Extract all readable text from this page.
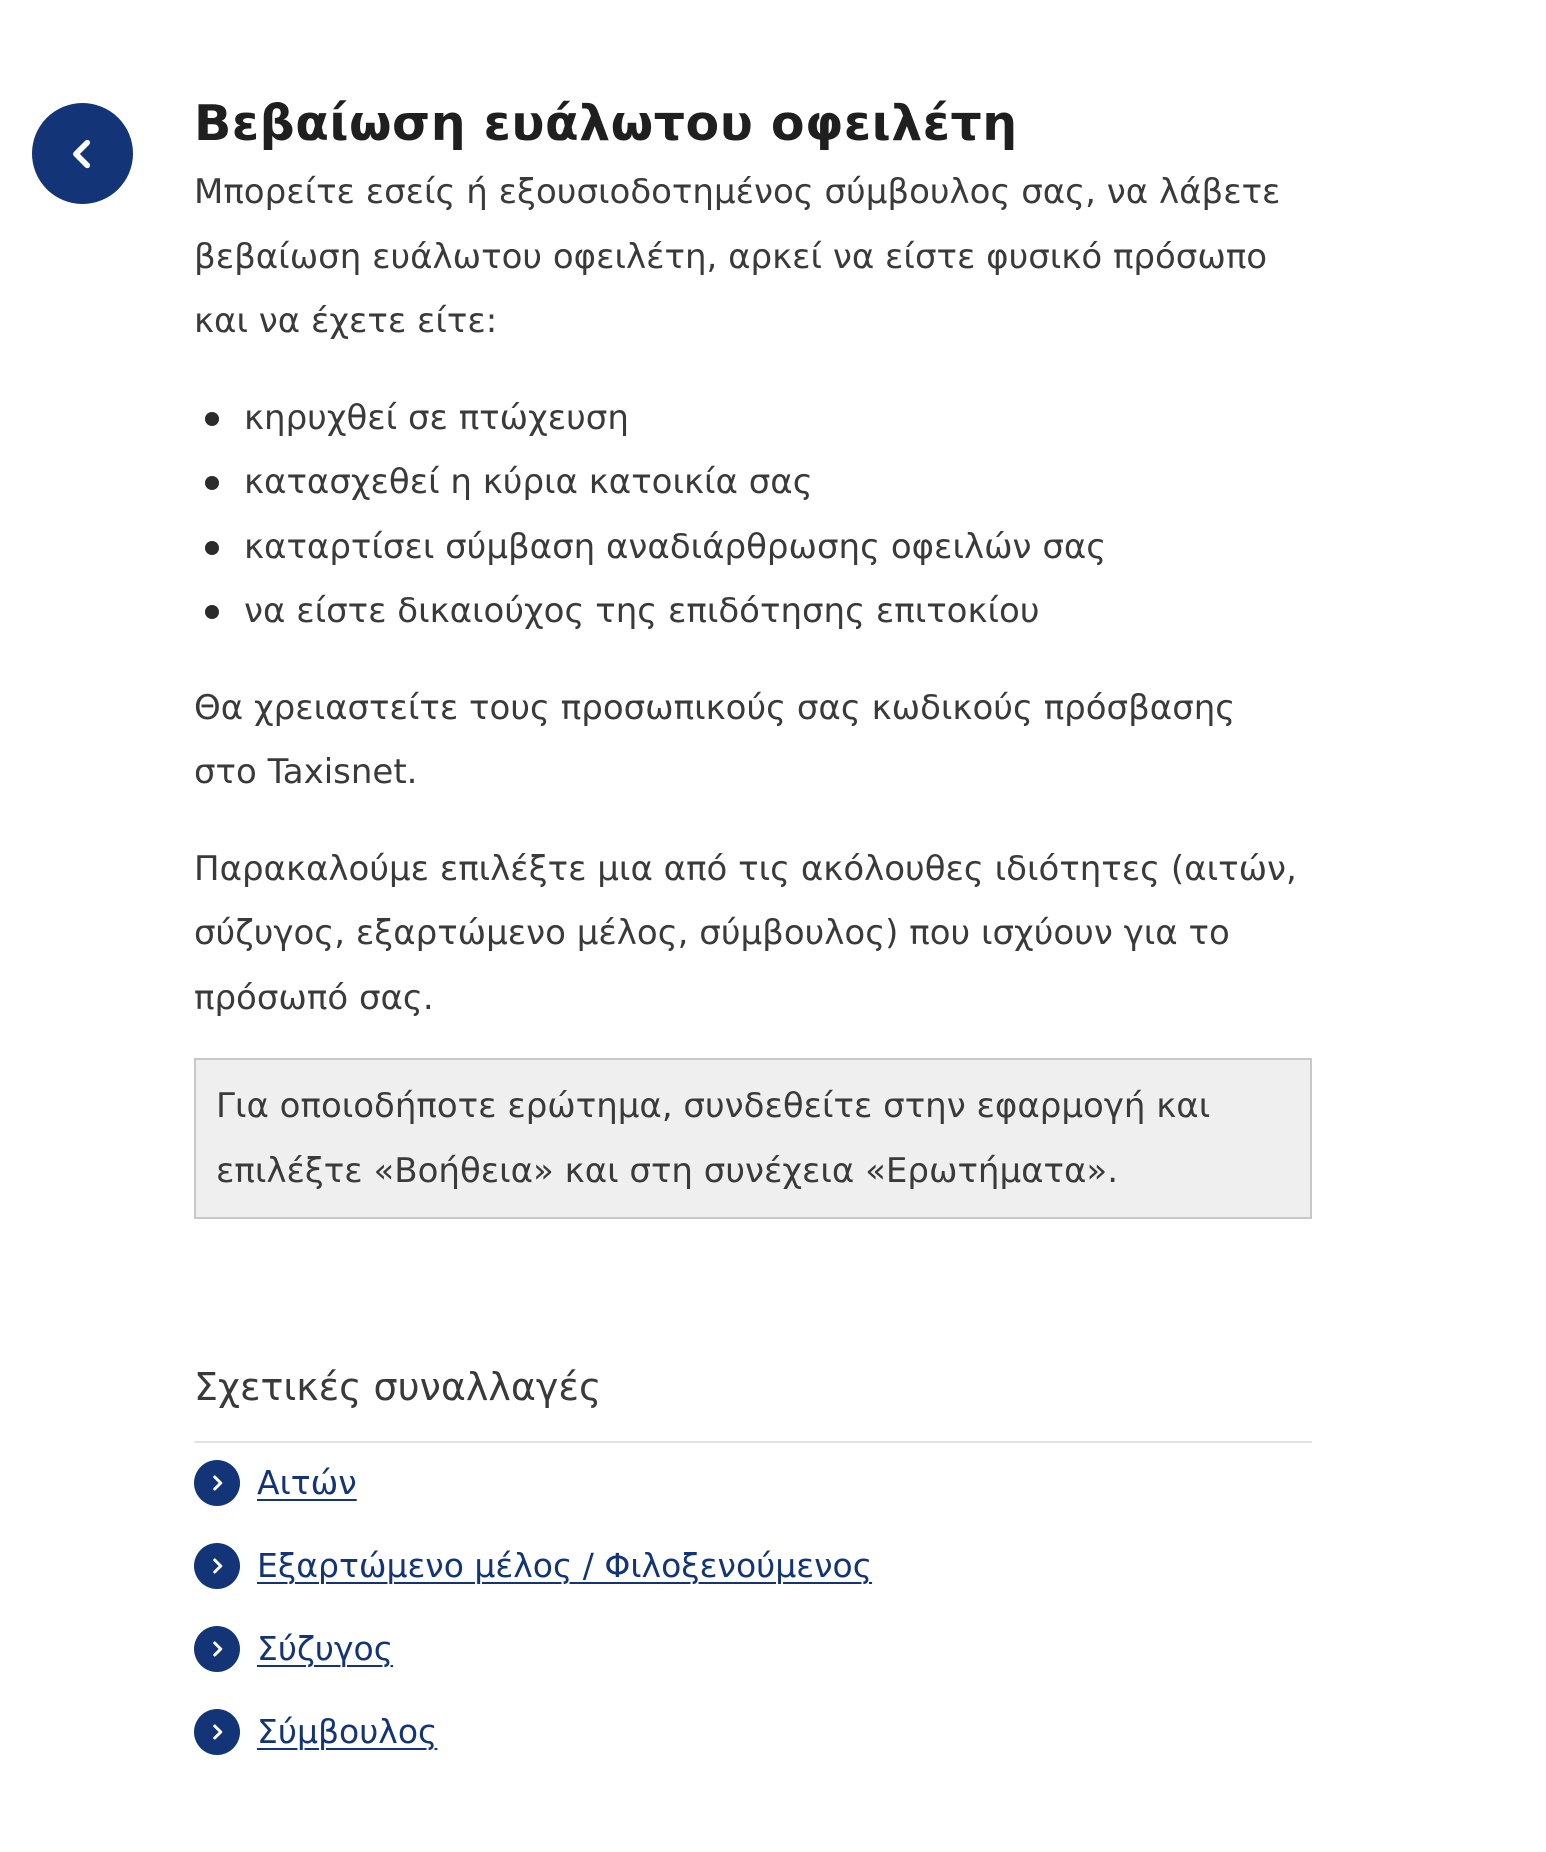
Βεβαίωση ευάλωτου οφειλέτη

Μπορείτε εσείς ή εξουσιοδοτημένος σύμβουλος σας, να λάβετε
βεβαίωση ευάλωτου οφειλέτη, αρκεί να είστε φυσικό πρόσωπο
και να έχετε είτε:

κηρυχθεί σε πτώχευση
κατασχεθεί η κύρια κατοικία σας
καταρτίσει σύμβαση αναδιάρθρωσης οφειλών σας
να είστε δικαιούχος της επιδότησης επιτοκίου

Θα χρειαστείτε τους προσωπικούς σας κωδικούς πρόσβασης
στο Taxisnet.

Παρακαλούμε επιλέξτε μια από τις ακόλουθες ιδιότητες (αιτών,
σύζυγος, εξαρτώμενο μέλος, σύμβουλος) που ισχύουν για το
πρόσωπό σας.

Για οποιοδήποτε ερώτημα, συνδεθείτε στην εφαρμογή και
επιλέξτε «Βοήθεια» και στη συνέχεια «Ερωτήματα».
Σχετικές συναλλαγές
Αιτών
Εξαρτώμενο μέλος / Φιλοξενούμενος
Σύζυγος
Σύμβουλος
